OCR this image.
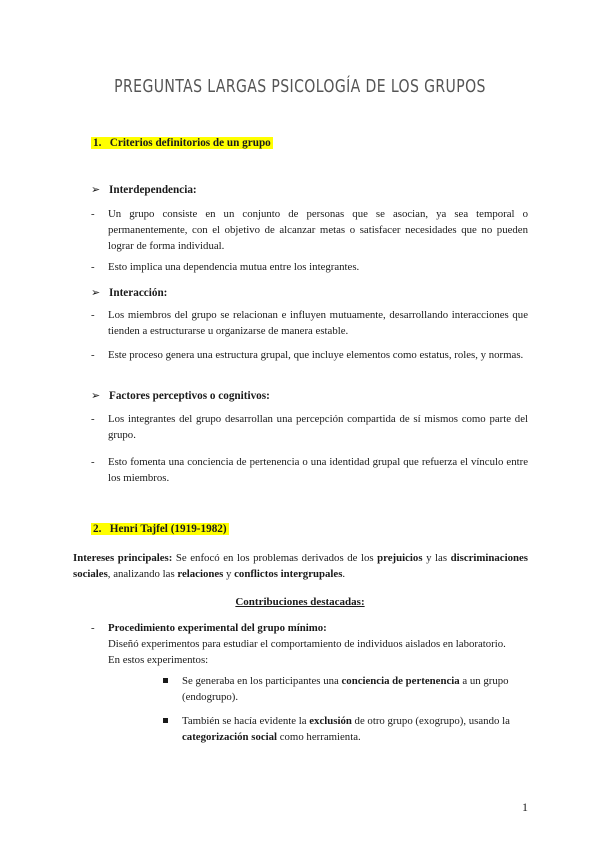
PREGUNTAS LARGAS PSICOLOGÍA DE LOS GRUPOS
1. Criterios definitorios de un grupo
➢ Interdependencia:
- Un grupo consiste en un conjunto de personas que se asocian, ya sea temporal o permanentemente, con el objetivo de alcanzar metas o satisfacer necesidades que no pueden lograr de forma individual.
- Esto implica una dependencia mutua entre los integrantes.
➢ Interacción:
- Los miembros del grupo se relacionan e influyen mutuamente, desarrollando interacciones que tienden a estructurarse u organizarse de manera estable.
- Este proceso genera una estructura grupal, que incluye elementos como estatus, roles, y normas.
➢ Factores perceptivos o cognitivos:
- Los integrantes del grupo desarrollan una percepción compartida de sí mismos como parte del grupo.
- Esto fomenta una conciencia de pertenencia o una identidad grupal que refuerza el vínculo entre los miembros.
2. Henri Tajfel (1919-1982)
Intereses principales: Se enfocó en los problemas derivados de los prejuicios y las discriminaciones sociales, analizando las relaciones y conflictos intergrupales.
Contribuciones destacadas:
- Procedimiento experimental del grupo mínimo:
Diseñó experimentos para estudiar el comportamiento de individuos aislados en laboratorio.
En estos experimentos:
Se generaba en los participantes una conciencia de pertenencia a un grupo (endogrupo).
También se hacía evidente la exclusión de otro grupo (exogrupo), usando la categorización social como herramienta.
1
